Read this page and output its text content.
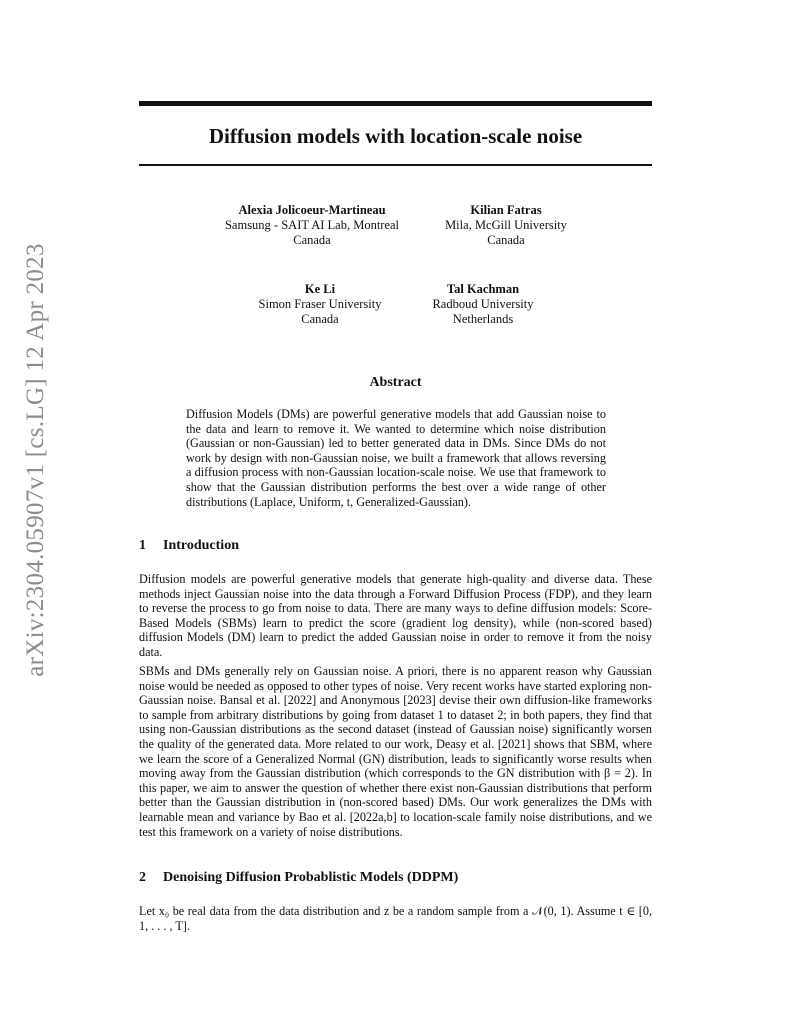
arXiv:2304.05907v1 [cs.LG] 12 Apr 2023
Diffusion models with location-scale noise
Alexia Jolicoeur-Martineau
Samsung - SAIT AI Lab, Montreal
Canada
Kilian Fatras
Mila, McGill University
Canada
Ke Li
Simon Fraser University
Canada
Tal Kachman
Radboud University
Netherlands
Abstract
Diffusion Models (DMs) are powerful generative models that add Gaussian noise to the data and learn to remove it. We wanted to determine which noise distribution (Gaussian or non-Gaussian) led to better generated data in DMs. Since DMs do not work by design with non-Gaussian noise, we built a framework that allows reversing a diffusion process with non-Gaussian location-scale noise. We use that framework to show that the Gaussian distribution performs the best over a wide range of other distributions (Laplace, Uniform, t, Generalized-Gaussian).
1 Introduction

Diffusion models are powerful generative models that generate high-quality and diverse data. These methods inject Gaussian noise into the data through a Forward Diffusion Process (FDP), and they learn to reverse the process to go from noise to data. There are many ways to define diffusion models: Score-Based Models (SBMs) learn to predict the score (gradient log density), while (non-scored based) diffusion Models (DM) learn to predict the added Gaussian noise in order to remove it from the noisy data.

SBMs and DMs generally rely on Gaussian noise. A priori, there is no apparent reason why Gaussian noise would be needed as opposed to other types of noise. Very recent works have started exploring non-Gaussian noise. Bansal et al. [2022] and Anonymous [2023] devise their own diffusion-like frameworks to sample from arbitrary distributions by going from dataset 1 to dataset 2; in both papers, they find that using non-Gaussian distributions as the second dataset (instead of Gaussian noise) significantly worsen the quality of the generated data. More related to our work, Deasy et al. [2021] shows that SBM, where we learn the score of a Generalized Normal (GN) distribution, leads to significantly worse results when moving away from the Gaussian distribution (which corresponds to the GN distribution with β = 2). In this paper, we aim to answer the question of whether there exist non-Gaussian distributions that perform better than the Gaussian distribution in (non-scored based) DMs. Our work generalizes the DMs with learnable mean and variance by Bao et al. [2022a,b] to location-scale family noise distributions, and we test this framework on a variety of noise distributions.

2 Denoising Diffusion Probablistic Models (DDPM)

Let x₀ be real data from the data distribution and z be a random sample from a 𝒩(0, 1). Assume t ∈ [0, 1, . . . , T].
